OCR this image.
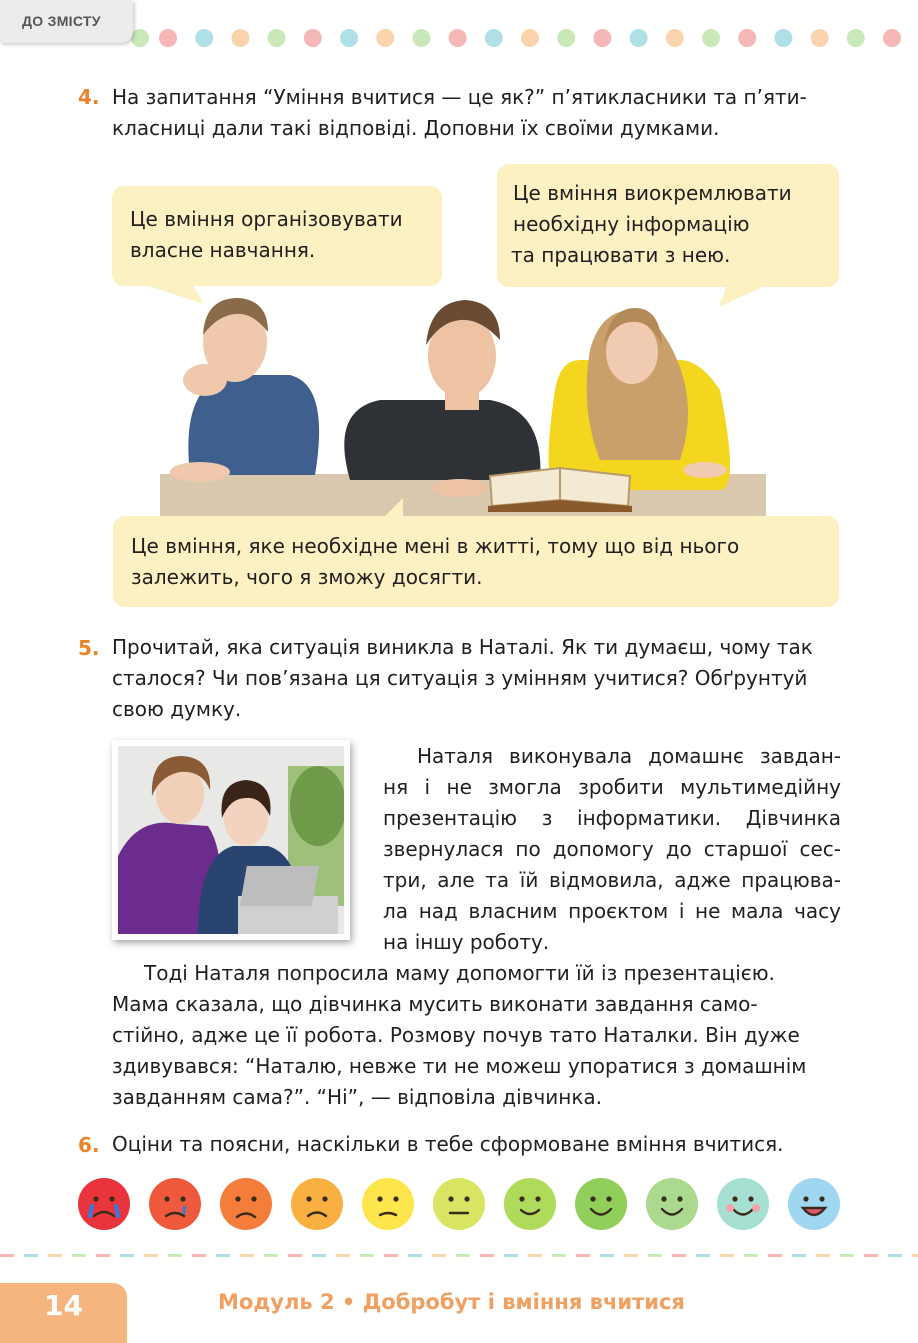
ДО ЗМІСТУ
4. На запитання “Уміння вчитися — це як?” п’ятикласники та п’яти-
класниці дали такі відповіді. Доповни їх своїми думками.
Це вміння організовувати
власне навчання.
Це вміння виокремлювати
необхідну інформацію
та працювати з нею.
Це вміння, яке необхідне мені в житті, тому що від нього
залежить, чого я зможу досягти.
5. Прочитай, яка ситуація виникла в Наталі. Як ти думаєш, чому так
сталося? Чи пов’язана ця ситуація з умінням учитися? Обґрунтуй
свою думку.
Наталя виконувала домашнє завдан-
ня і не змогла зробити мультимедійну
презентацію з інформатики. Дівчинка
звернулася по допомогу до старшої сес-
три, але та їй відмовила, адже працюва-
ла над власним проєктом і не мала часу
на іншу роботу.
Тоді Наталя попросила маму допомогти їй із презентацією.
Мама сказала, що дівчинка мусить виконати завдання само-
стійно, адже це її робота. Розмову почув тато Наталки. Він дуже
здивувався: “Наталю, невже ти не можеш упоратися з домашнім
завданням сама?”. “Ні”, — відповіла дівчинка.
6. Оціни та поясни, наскільки в тебе сформоване вміння вчитися.
14	Модуль 2 • Добробут і вміння вчитися
